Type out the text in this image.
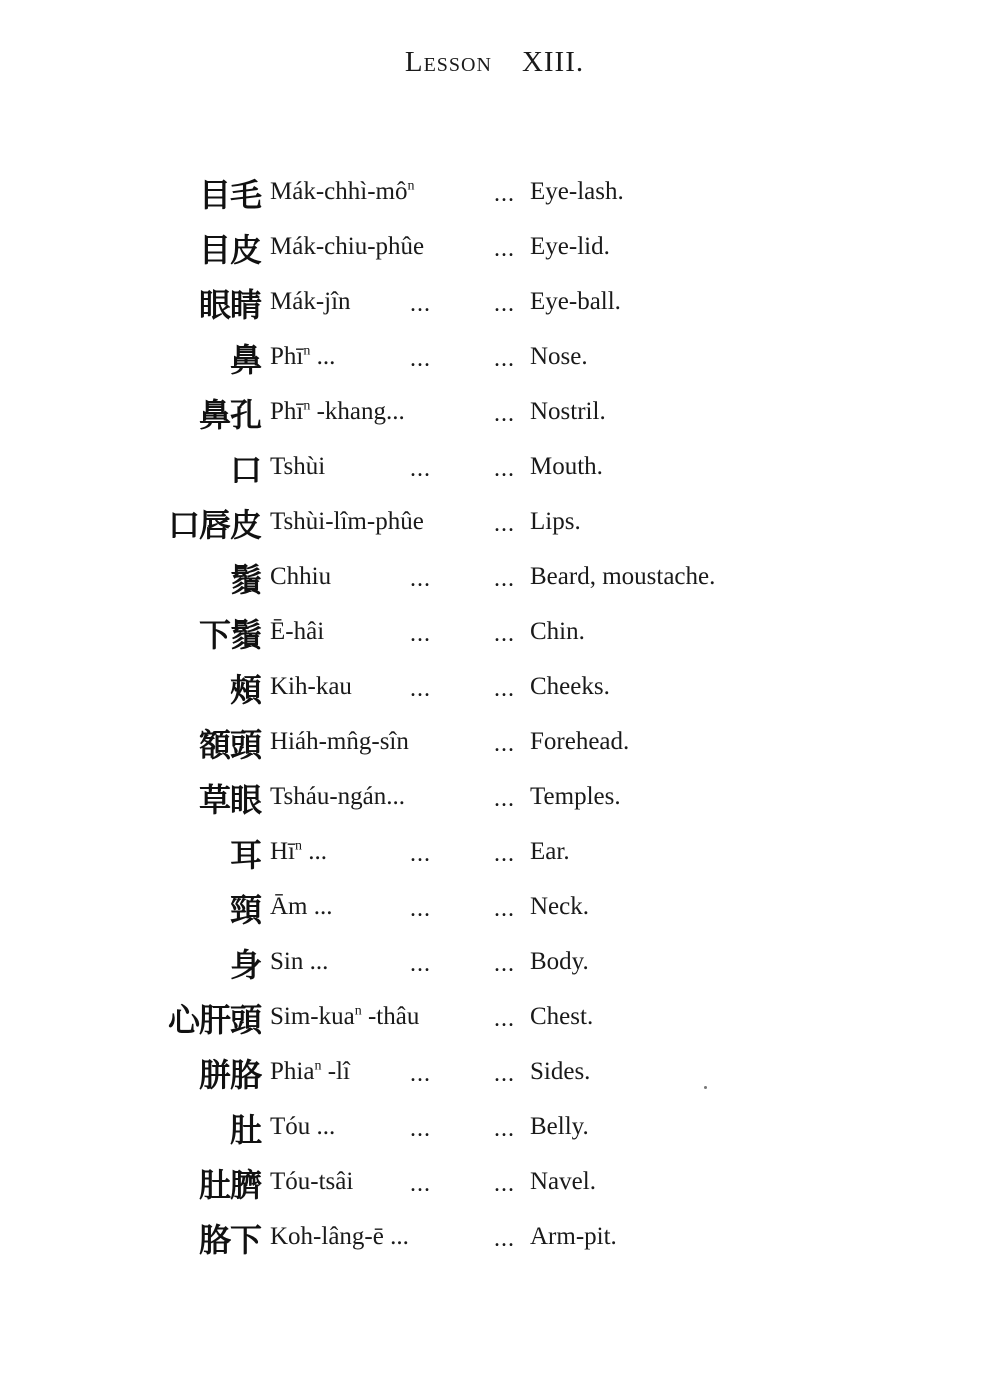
Lesson XIII.
目毛 Mák-$chhì-mô^n$	... Eye-lash.
目皮 Mák-chiu-phûe	... Eye-lid.
眼睛 Mák-jîn ...	... Eye-ball.
鼻 Phī$^n$ ...	...	... Nose.
鼻孔 Phī$^n$ -khang...	... Nostril.
口 Tshùi	...	... Mouth.
口唇皮 Tshùi-lîm-phûe	... Lips.
鬚 Chhiu	...	... Beard, moustache.
下鬚 Ē-hâi	...	... Chin.
頰 Kih-kau ...	... Cheeks.
額頭 Hiáh-mn̂g-sîn	... Forehead.
草眼 Tsháu-ngán...	... Temples.
耳 $Hī^n$ ...	...	... Ear.
頸 Ām ...	...	... Neck.
身 Sin ...	...	... Body.
心肝頭 Sim-kua$^n$ -thâu	... Chest.
胼胳 Phia$^n$ -lî	...	... Sides.
肚 Tóu ...	...	... Belly.
肚臍 Tóu-tsâi ...	... Navel.
胳下 Koh-lâng-ē ...	... Arm-pit.
